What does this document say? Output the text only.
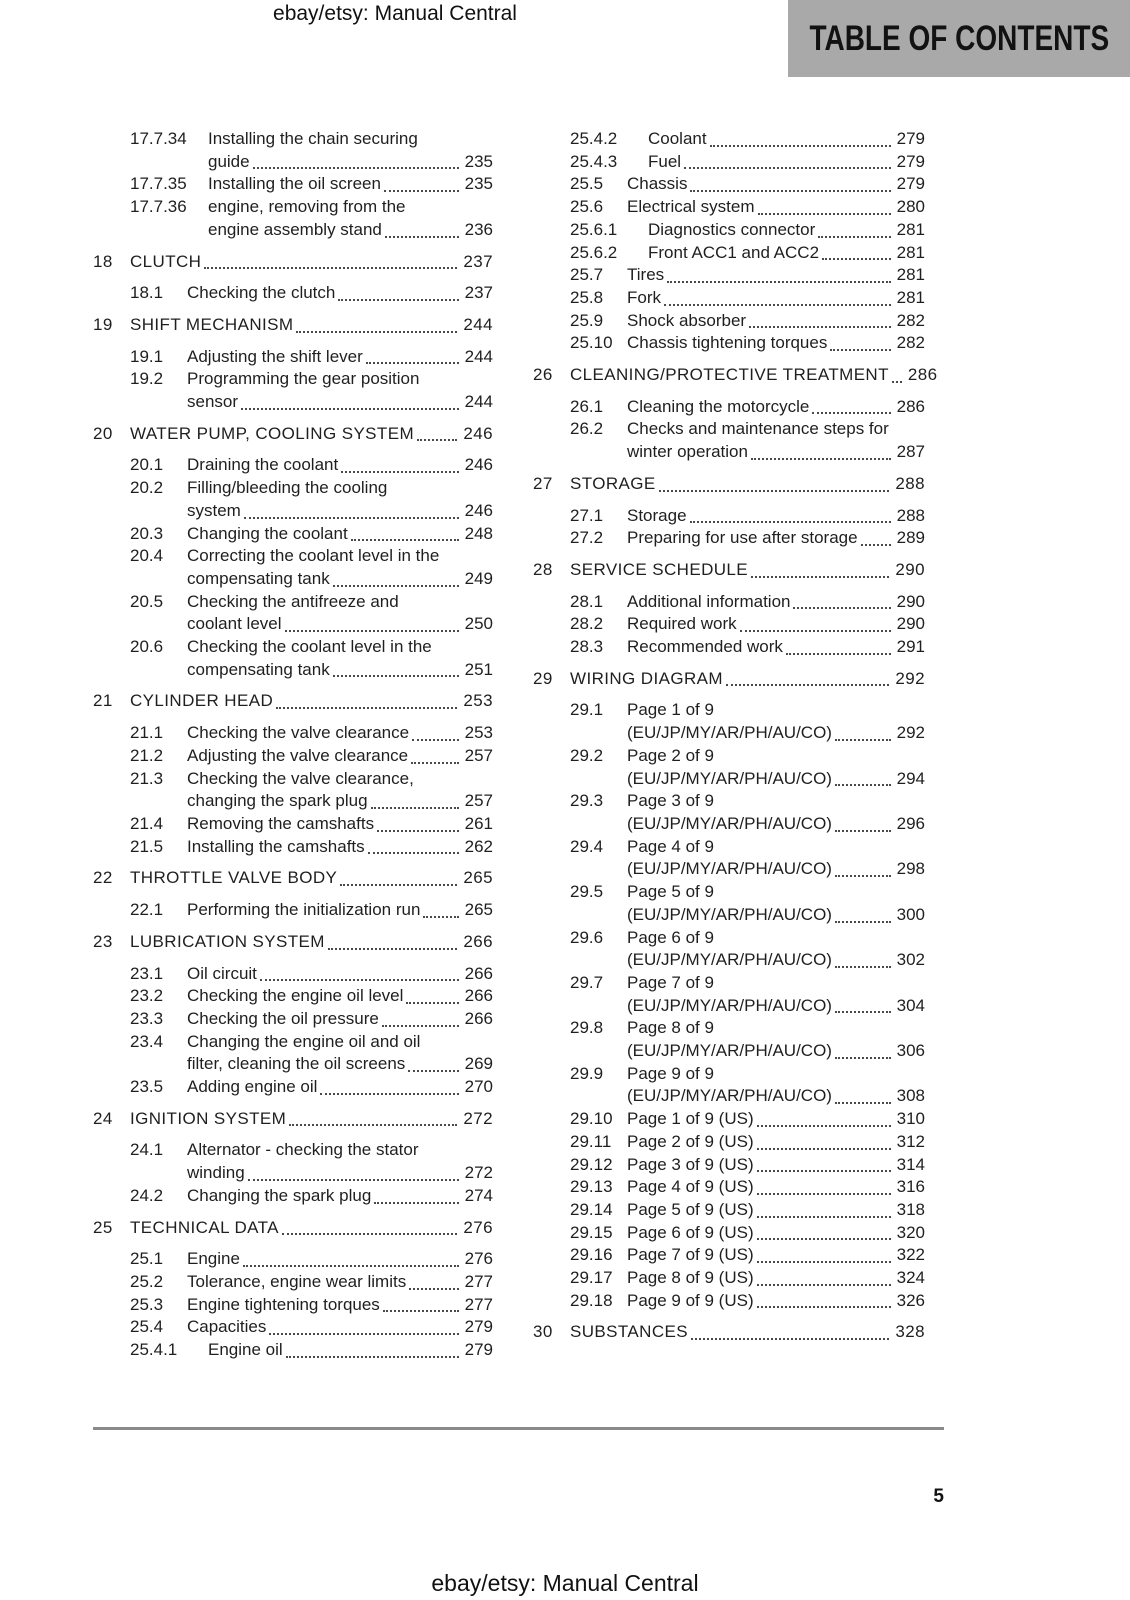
ebay/etsy: Manual Central
TABLE OF CONTENTS
17.7.34	Installing the chain securing
guide	235
17.7.35	Installing the oil screen	235
17.7.36	engine, removing from the
engine assembly stand	236
18	CLUTCH	237
18.1	Checking the clutch	237
19	SHIFT MECHANISM	244
19.1	Adjusting the shift lever	244
19.2	Programming the gear position
sensor	244
20	WATER PUMP, COOLING SYSTEM	246
20.1	Draining the coolant	246
20.2	Filling/bleeding the cooling
system	246
20.3	Changing the coolant	248
20.4	Correcting the coolant level in the
compensating tank	249
20.5	Checking the antifreeze and
coolant level	250
20.6	Checking the coolant level in the
compensating tank	251
21	CYLINDER HEAD	253
21.1	Checking the valve clearance	253
21.2	Adjusting the valve clearance	257
21.3	Checking the valve clearance,
changing the spark plug	257
21.4	Removing the camshafts	261
21.5	Installing the camshafts	262
22	THROTTLE VALVE BODY	265
22.1	Performing the initialization run	265
23	LUBRICATION SYSTEM	266
23.1	Oil circuit	266
23.2	Checking the engine oil level	266
23.3	Checking the oil pressure	266
23.4	Changing the engine oil and oil
filter, cleaning the oil screens	269
23.5	Adding engine oil	270
24	IGNITION SYSTEM	272
24.1	Alternator - checking the stator
winding	272
24.2	Changing the spark plug	274
25	TECHNICAL DATA	276
25.1	Engine	276
25.2	Tolerance, engine wear limits	277
25.3	Engine tightening torques	277
25.4	Capacities	279
25.4.1	Engine oil	279
25.4.2	Coolant	279
25.4.3	Fuel	279
25.5	Chassis	279
25.6	Electrical system	280
25.6.1	Diagnostics connector	281
25.6.2	Front ACC1 and ACC2	281
25.7	Tires	281
25.8	Fork	281
25.9	Shock absorber	282
25.10 Chassis tightening torques	282
26	CLEANING/PROTECTIVE TREATMENT 286
26.1	Cleaning the motorcycle	286
26.2	Checks and maintenance steps for
winter operation	287
27	STORAGE	288
27.1	Storage	288
27.2	Preparing for use after storage 289
28	SERVICE SCHEDULE	290
28.1	Additional information	290
28.2	Required work	290
28.3	Recommended work	291
29	WIRING DIAGRAM	292
29.1	Page 1 of 9
(EU/JP/MY/AR/PH/AU/CO)	292
29.2	Page 2 of 9
(EU/JP/MY/AR/PH/AU/CO)	294
29.3	Page 3 of 9
(EU/JP/MY/AR/PH/AU/CO)	296
29.4	Page 4 of 9
(EU/JP/MY/AR/PH/AU/CO)	298
29.5	Page 5 of 9
(EU/JP/MY/AR/PH/AU/CO)	300
29.6	Page 6 of 9
(EU/JP/MY/AR/PH/AU/CO)	302
29.7	Page 7 of 9
(EU/JP/MY/AR/PH/AU/CO)	304
29.8	Page 8 of 9
(EU/JP/MY/AR/PH/AU/CO)	306
29.9	Page 9 of 9
(EU/JP/MY/AR/PH/AU/CO)	308
29.10 Page 1 of 9 (US)	310
29.11 Page 2 of 9 (US)	312
29.12 Page 3 of 9 (US)	314
29.13 Page 4 of 9 (US)	316
29.14 Page 5 of 9 (US)	318
29.15 Page 6 of 9 (US)	320
29.16 Page 7 of 9 (US)	322
29.17 Page 8 of 9 (US)	324
29.18 Page 9 of 9 (US)	326
30	SUBSTANCES	328
5
ebay/etsy: Manual Central
